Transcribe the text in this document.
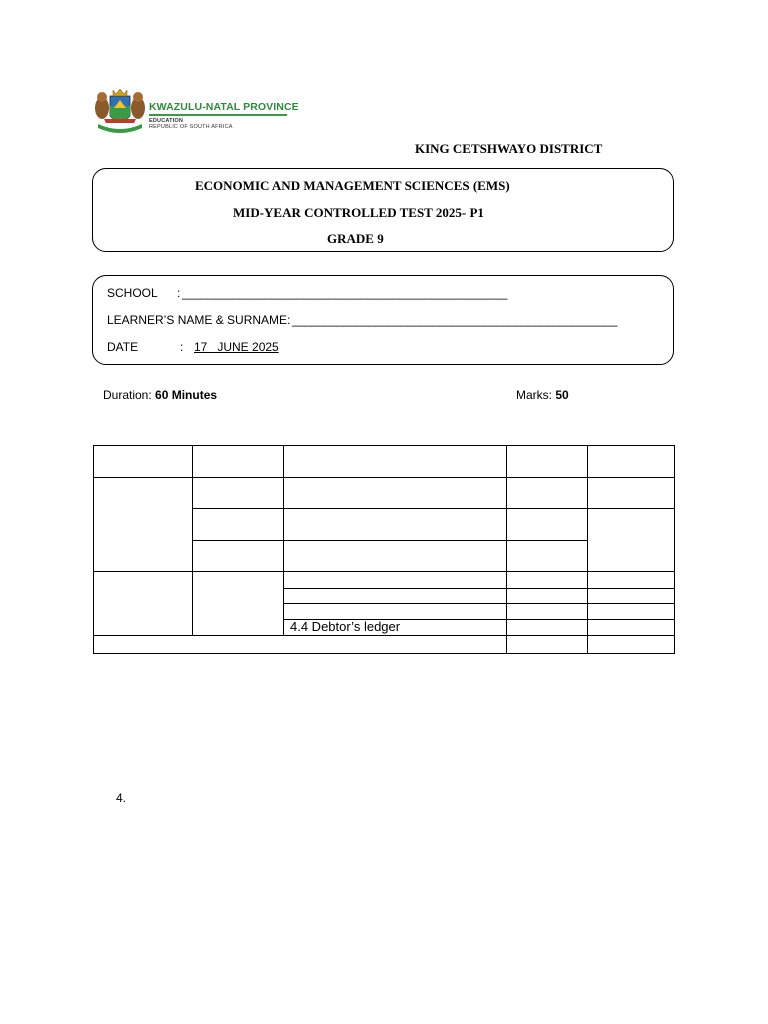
KWAZULU-NATAL PROVINCE
EDUCATION
REPUBLIC OF SOUTH AFRICA
KING CETSHWAYO DISTRICT
ECONOMIC AND MANAGEMENT SCIENCES (EMS)
MID-YEAR CONTROLLED TEST 2025- P1
GRADE 9
SCHOOL : ___________________________________________________
LEARNER’S NAME & SURNAME: ___________________________________________________
DATE	: 17   JUNE 2025
Duration: 60 Minutes	Marks: 50
4.4 Debtor’s ledger
4.
